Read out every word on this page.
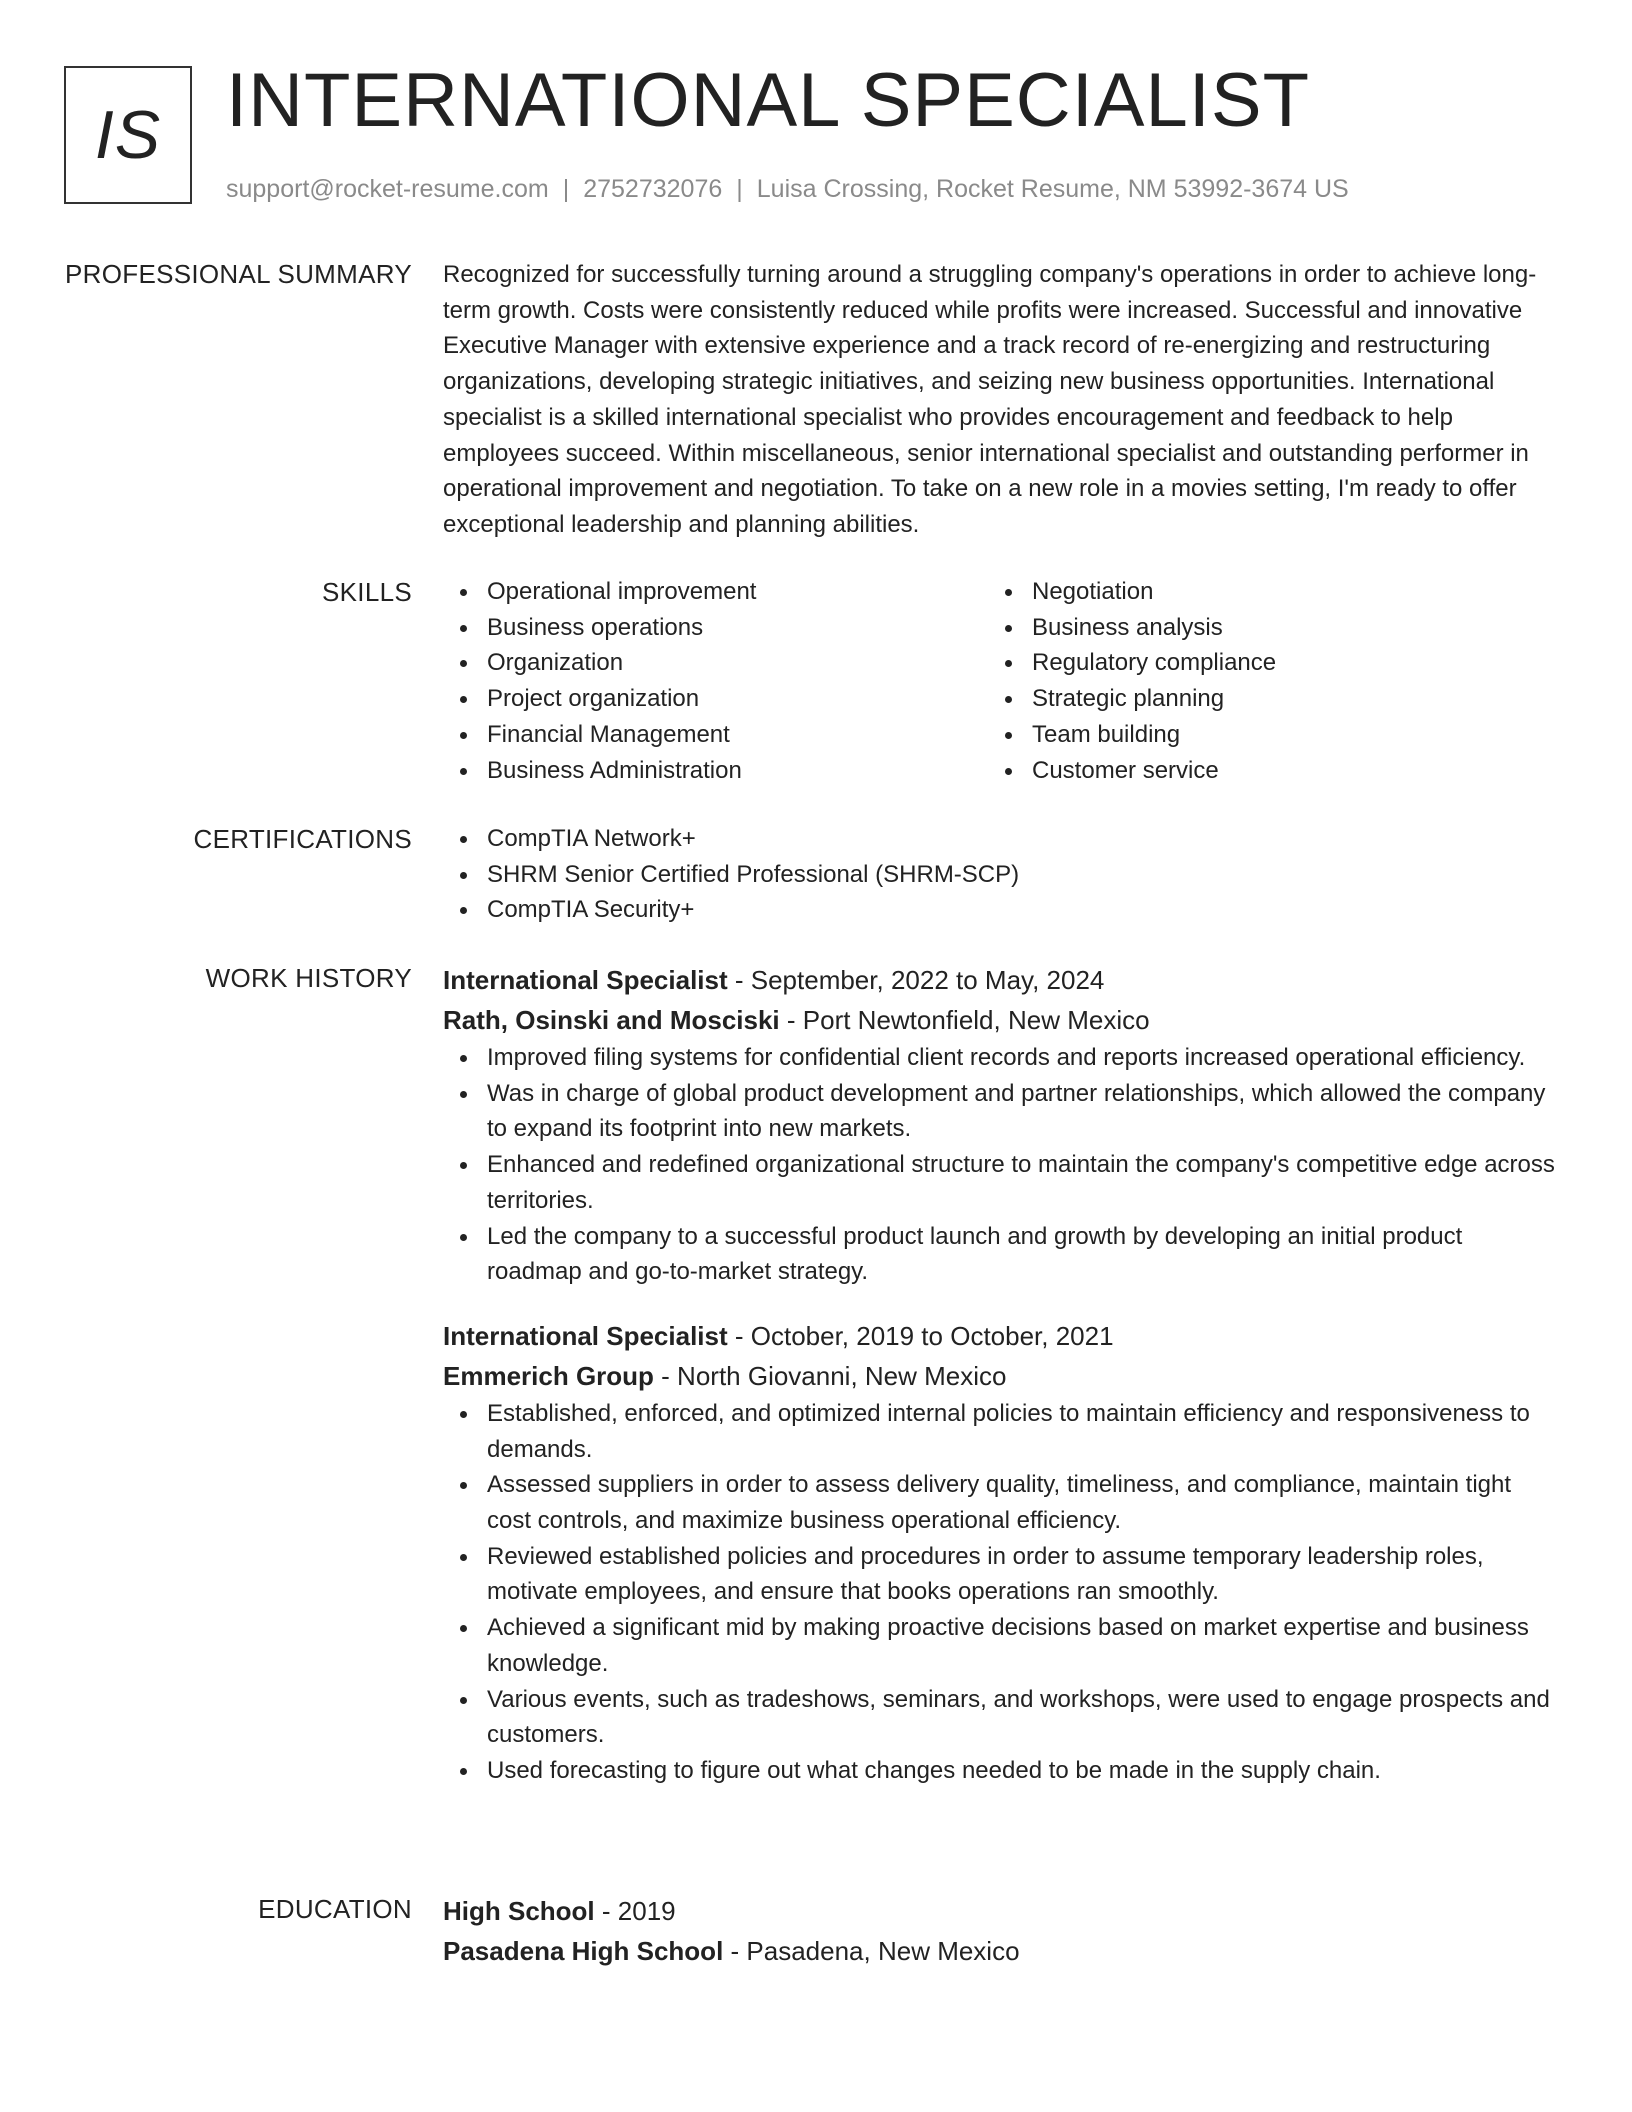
IS INTERNATIONAL SPECIALIST
support@rocket-resume.com | 2752732076 | Luisa Crossing, Rocket Resume, NM 53992-3674 US
PROFESSIONAL SUMMARY Recognized for successfully turning around a struggling company's operations in order to achieve long-term growth. Costs were consistently reduced while profits were increased. Successful and innovative Executive Manager with extensive experience and a track record of re-energizing and restructuring organizations, developing strategic initiatives, and seizing new business opportunities. International specialist is a skilled international specialist who provides encouragement and feedback to help employees succeed. Within miscellaneous, senior international specialist and outstanding performer in operational improvement and negotiation. To take on a new role in a movies setting, I'm ready to offer exceptional leadership and planning abilities.

SKILLS	Operational improvement
Business operations
Organization
Project organization
Financial Management
Business Administration
Negotiation
Business analysis
Regulatory compliance
Strategic planning
Team building
Customer service
CERTIFICATIONS	CompTIA Network+
SHRM Senior Certified Professional (SHRM-SCP)
CompTIA Security+
WORK HISTORY International Specialist - September, 2022 to May, 2024
Rath, Osinski and Mosciski - Port Newtonfield, New Mexico
Improved filing systems for confidential client records and reports increased operational efficiency.
Was in charge of global product development and partner relationships, which allowed the company to expand its footprint into new markets.
Enhanced and redefined organizational structure to maintain the company's competitive edge across territories.
Led the company to a successful product launch and growth by developing an initial product roadmap and go-to-market strategy.
International Specialist - October, 2019 to October, 2021
Emmerich Group - North Giovanni, New Mexico
Established, enforced, and optimized internal policies to maintain efficiency and responsiveness to demands.
Assessed suppliers in order to assess delivery quality, timeliness, and compliance, maintain tight cost controls, and maximize business operational efficiency.
Reviewed established policies and procedures in order to assume temporary leadership roles, motivate employees, and ensure that books operations ran smoothly.
Achieved a significant mid by making proactive decisions based on market expertise and business knowledge.
Various events, such as tradeshows, seminars, and workshops, were used to engage prospects and customers.
Used forecasting to figure out what changes needed to be made in the supply chain.
EDUCATION High School - 2019
Pasadena High School - Pasadena, New Mexico
